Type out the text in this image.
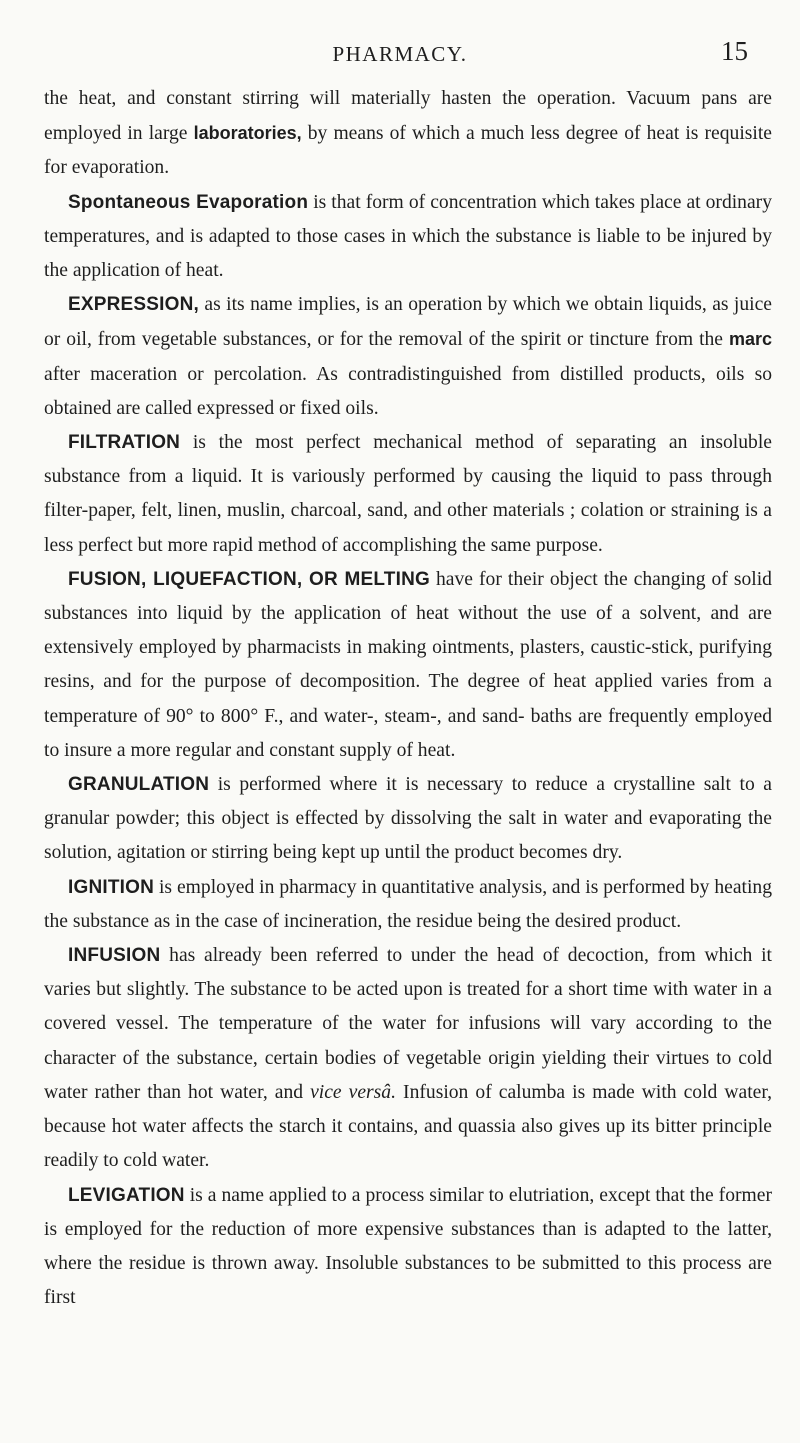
PHARMACY.	15

the heat, and constant stirring will materially hasten the operation. Vacuum pans are employed in large laboratories, by means of which a much less degree of heat is requisite for evaporation.

Spontaneous Evaporation is that form of concentration which takes place at ordinary temperatures, and is adapted to those cases in which the substance is liable to be injured by the application of heat.

EXPRESSION, as its name implies, is an operation by which we obtain liquids, as juice or oil, from vegetable substances, or for the removal of the spirit or tincture from the marc after maceration or percolation. As contradistinguished from distilled products, oils so obtained are called expressed or fixed oils.

FILTRATION is the most perfect mechanical method of separating an insoluble substance from a liquid. It is variously performed by causing the liquid to pass through filter-paper, felt, linen, muslin, charcoal, sand, and other materials ; colation or straining is a less perfect but more rapid method of accomplishing the same purpose.

FUSION, LIQUEFACTION, OR MELTING have for their object the changing of solid substances into liquid by the application of heat without the use of a solvent, and are extensively employed by pharmacists in making ointments, plasters, caustic-stick, purifying resins, and for the purpose of decomposition. The degree of heat applied varies from a temperature of 90° to 800° F., and water-, steam-, and sand- baths are frequently employed to insure a more regular and constant supply of heat.

GRANULATION is performed where it is necessary to reduce a crystalline salt to a granular powder; this object is effected by dissolving the salt in water and evaporating the solution, agitation or stirring being kept up until the product becomes dry.

IGNITION is employed in pharmacy in quantitative analysis, and is performed by heating the substance as in the case of incineration, the residue being the desired product.

INFUSION has already been referred to under the head of decoction, from which it varies but slightly. The substance to be acted upon is treated for a short time with water in a covered vessel. The temperature of the water for infusions will vary according to the character of the substance, certain bodies of vegetable origin yielding their virtues to cold water rather than hot water, and vice versâ. Infusion of calumba is made with cold water, because hot water affects the starch it contains, and quassia also gives up its bitter principle readily to cold water.

LEVIGATION is a name applied to a process similar to elutriation, except that the former is employed for the reduction of more expensive substances than is adapted to the latter, where the residue is thrown away. Insoluble substances to be submitted to this process are first
